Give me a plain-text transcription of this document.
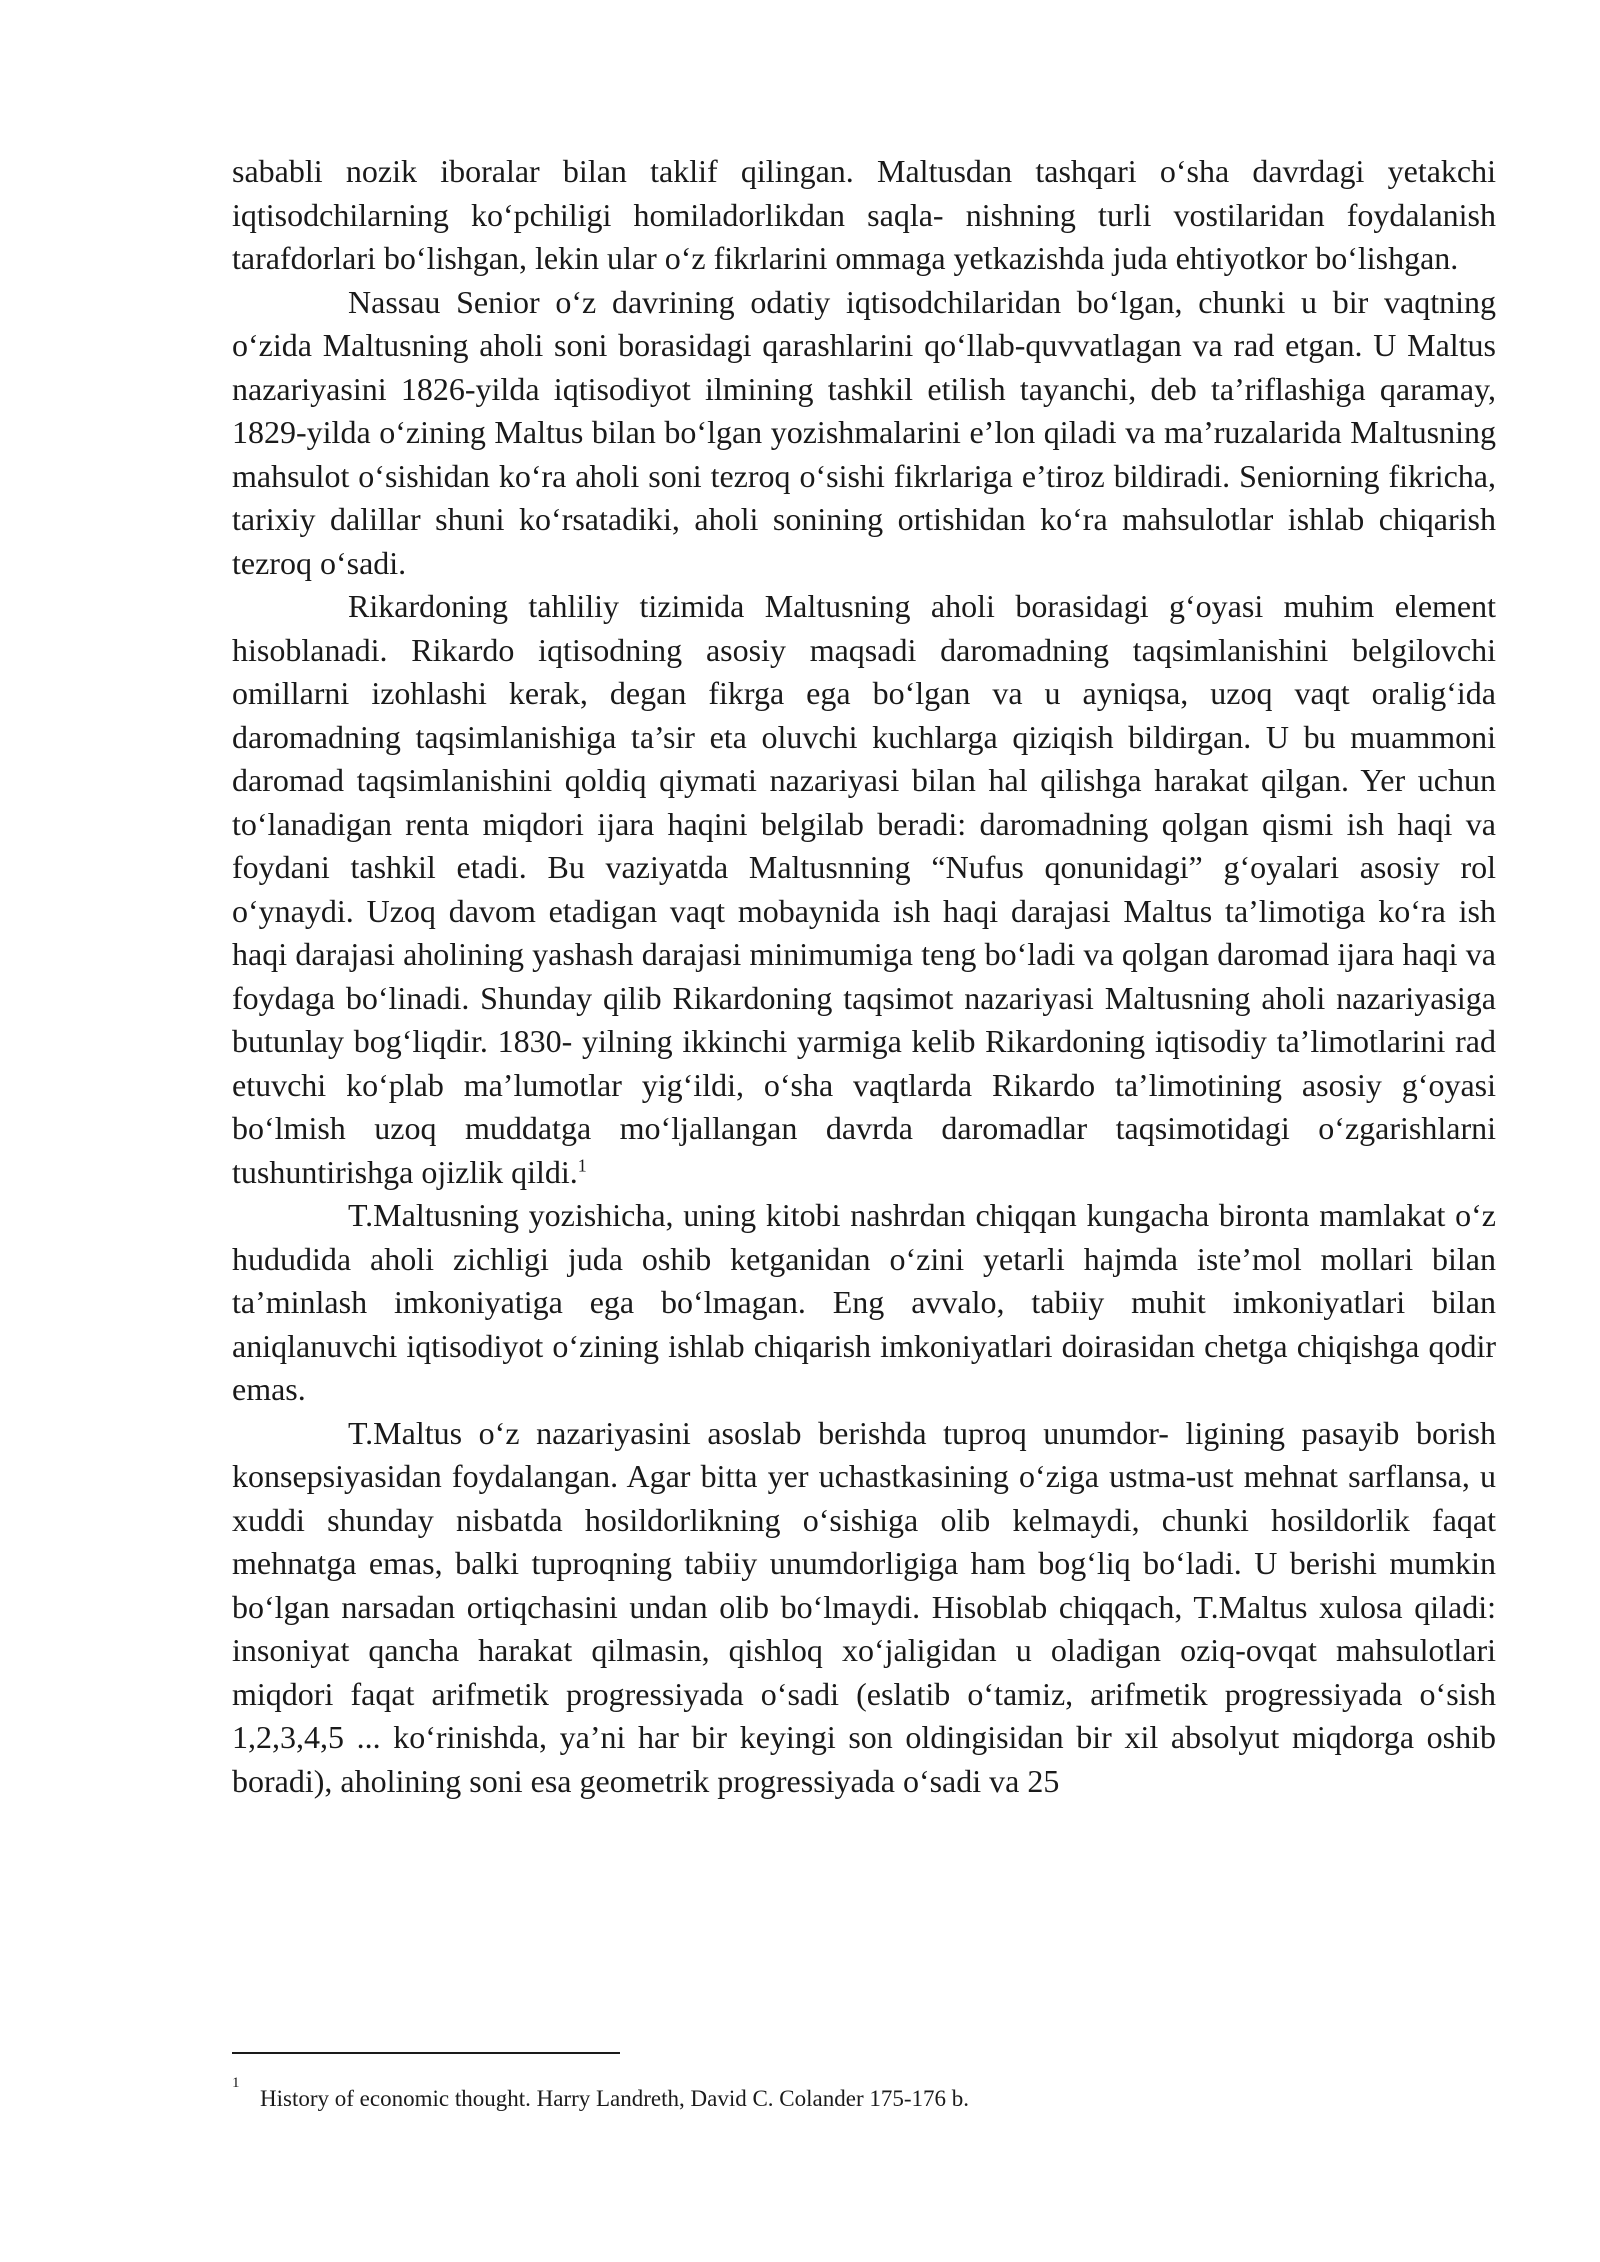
sababli nozik iboralar bilan taklif qilingan. Maltusdan tashqari o‘sha davrdagi yetakchi iqtisodchilarning ko‘pchiligi homiladorlikdan saqla- nishning turli vostilaridan foydalanish tarafdorlari bo‘lishgan, lekin ular o‘z fikrlarini ommaga yetkazishda juda ehtiyotkor bo‘lishgan.

Nassau Senior o‘z davrining odatiy iqtisodchilaridan bo‘lgan, chunki u bir vaqtning o‘zida Maltusning aholi soni borasidagi qarashlarini qo‘llab-quvvatlagan va rad etgan. U Maltus nazariyasini 1826-yilda iqtisodiyot ilmining tashkil etilish tayanchi, deb ta’riflashiga qaramay, 1829-yilda o‘zining Maltus bilan bo‘lgan yozishmalarini e’lon qiladi va ma’ruzalarida Maltusning mahsulot o‘sishidan ko‘ra aholi soni tezroq o‘sishi fikrlariga e’tiroz bildiradi. Seniorning fikricha, tarixiy dalillar shuni ko‘rsatadiki, aholi sonining ortishidan ko‘ra mahsulotlar ishlab chiqarish tezroq o‘sadi.

Rikardoning tahliliy tizimida Maltusning aholi borasidagi g‘oyasi muhim element hisoblanadi. Rikardo iqtisodning asosiy maqsadi daromadning taqsimlanishini belgilovchi omillarni izohlashi kerak, degan fikrga ega bo‘lgan va u ayniqsa, uzoq vaqt oralig‘ida daromadning taqsimlanishiga ta’sir eta oluvchi kuchlarga qiziqish bildirgan. U bu muammoni daromad taqsimlanishini qoldiq qiymati nazariyasi bilan hal qilishga harakat qilgan. Yer uchun to‘lanadigan renta miqdori ijara haqini belgilab beradi: daromadning qolgan qismi ish haqi va foydani tashkil etadi. Bu vaziyatda Maltusnning “Nufus qonunidagi” g‘oyalari asosiy rol o‘ynaydi. Uzoq davom etadigan vaqt mobaynida ish haqi darajasi Maltus ta’limotiga ko‘ra ish haqi darajasi aholining yashash darajasi minimumiga teng bo‘ladi va qolgan daromad ijara haqi va foydaga bo‘linadi. Shunday qilib Rikardoning taqsimot nazariyasi Maltusning aholi nazariyasiga butunlay bog‘liqdir. 1830- yilning ikkinchi yarmiga kelib Rikardoning iqtisodiy ta’limotlarini rad etuvchi ko‘plab ma’lumotlar yig‘ildi, o‘sha vaqtlarda Rikardo ta’limotining asosiy g‘oyasi bo‘lmish uzoq muddatga mo‘ljallangan davrda daromadlar taqsimotidagi o‘zgarishlarni tushuntirishga ojizlik qildi.$^1$

T.Maltusning yozishicha, uning kitobi nashrdan chiqqan kungacha bironta mamlakat o‘z hududida aholi zichligi juda oshib ketganidan o‘zini yetarli hajmda iste’mol mollari bilan ta’minlash imkoniyatiga ega bo‘lmagan. Eng avvalo, tabiiy muhit imkoniyatlari bilan aniqlanuvchi iqtisodiyot o‘zining ishlab chiqarish imkoniyatlari doirasidan chetga chiqishga qodir emas.

T.Maltus o‘z nazariyasini asoslab berishda tuproq unumdor- ligining pasayib borish konsepsiyasidan foydalangan. Agar bitta yer uchastkasining o‘ziga ustma-ust mehnat sarflansa, u xuddi shunday nisbatda hosildorlikning o‘sishiga olib kelmaydi, chunki hosildorlik faqat mehnatga emas, balki tuproqning tabiiy unumdorligiga ham bog‘liq bo‘ladi. U berishi mumkin bo‘lgan narsadan ortiqchasini undan olib bo‘lmaydi. Hisoblab chiqqach, T.Maltus xulosa qiladi: insoniyat qancha harakat qilmasin, qishloq xo‘jaligidan u oladigan oziq-ovqat mahsulotlari miqdori faqat arifmetik progressiyada o‘sadi (eslatib o‘tamiz, arifmetik progressiyada o‘sish 1,2,3,4,5 ... ko‘rinishda, ya’ni har bir keyingi son oldingisidan bir xil absolyut miqdorga oshib boradi), aholining soni esa geometrik progressiyada o‘sadi va 25

1
History of economic thought. Harry Landreth, David C. Colander 175-176 b.
